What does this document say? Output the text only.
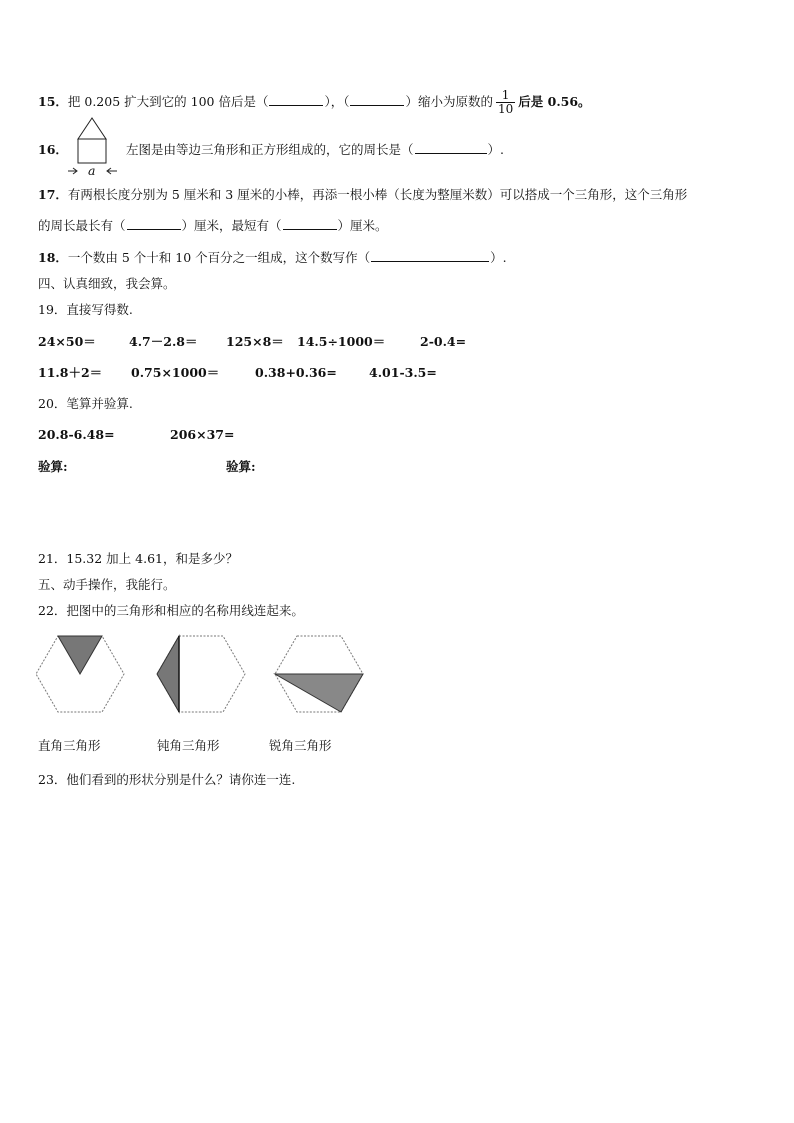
15．把 0.205 扩大到它的 100 倍后是（	），（	）缩小为原数的 $\frac{1}{10}$ 后是 0.56。
16．
a
左图是由等边三角形和正方形组成的，它的周长是（	）.
17．有两根长度分别为 5 厘米和 3 厘米的小棒，再添一根小棒（长度为整厘米数）可以搭成一个三角形，这个三角形
的周长最长有（	）厘米，最短有（	）厘米。
18．一个数由 5 个十和 10 个百分之一组成，这个数写作（	）.
四、认真细致，我会算。
19．直接写得数.
24×50＝	4.7－2.8＝ 125×8＝ 14.5÷1000＝	2-0.4=
11.8＋2＝ 0.75×1000＝	0.38+0.36=	4.01-3.5=
20．笔算并验算.
20.8-6.48=	206×37=
验算:	验算:
21．15.32 加上 4.61，和是多少？
五、动手操作，我能行。
22．把图中的三角形和相应的名称用线连起来。
直角三角形	钝角三角形	锐角三角形
23．他们看到的形状分别是什么？请你连一连.
